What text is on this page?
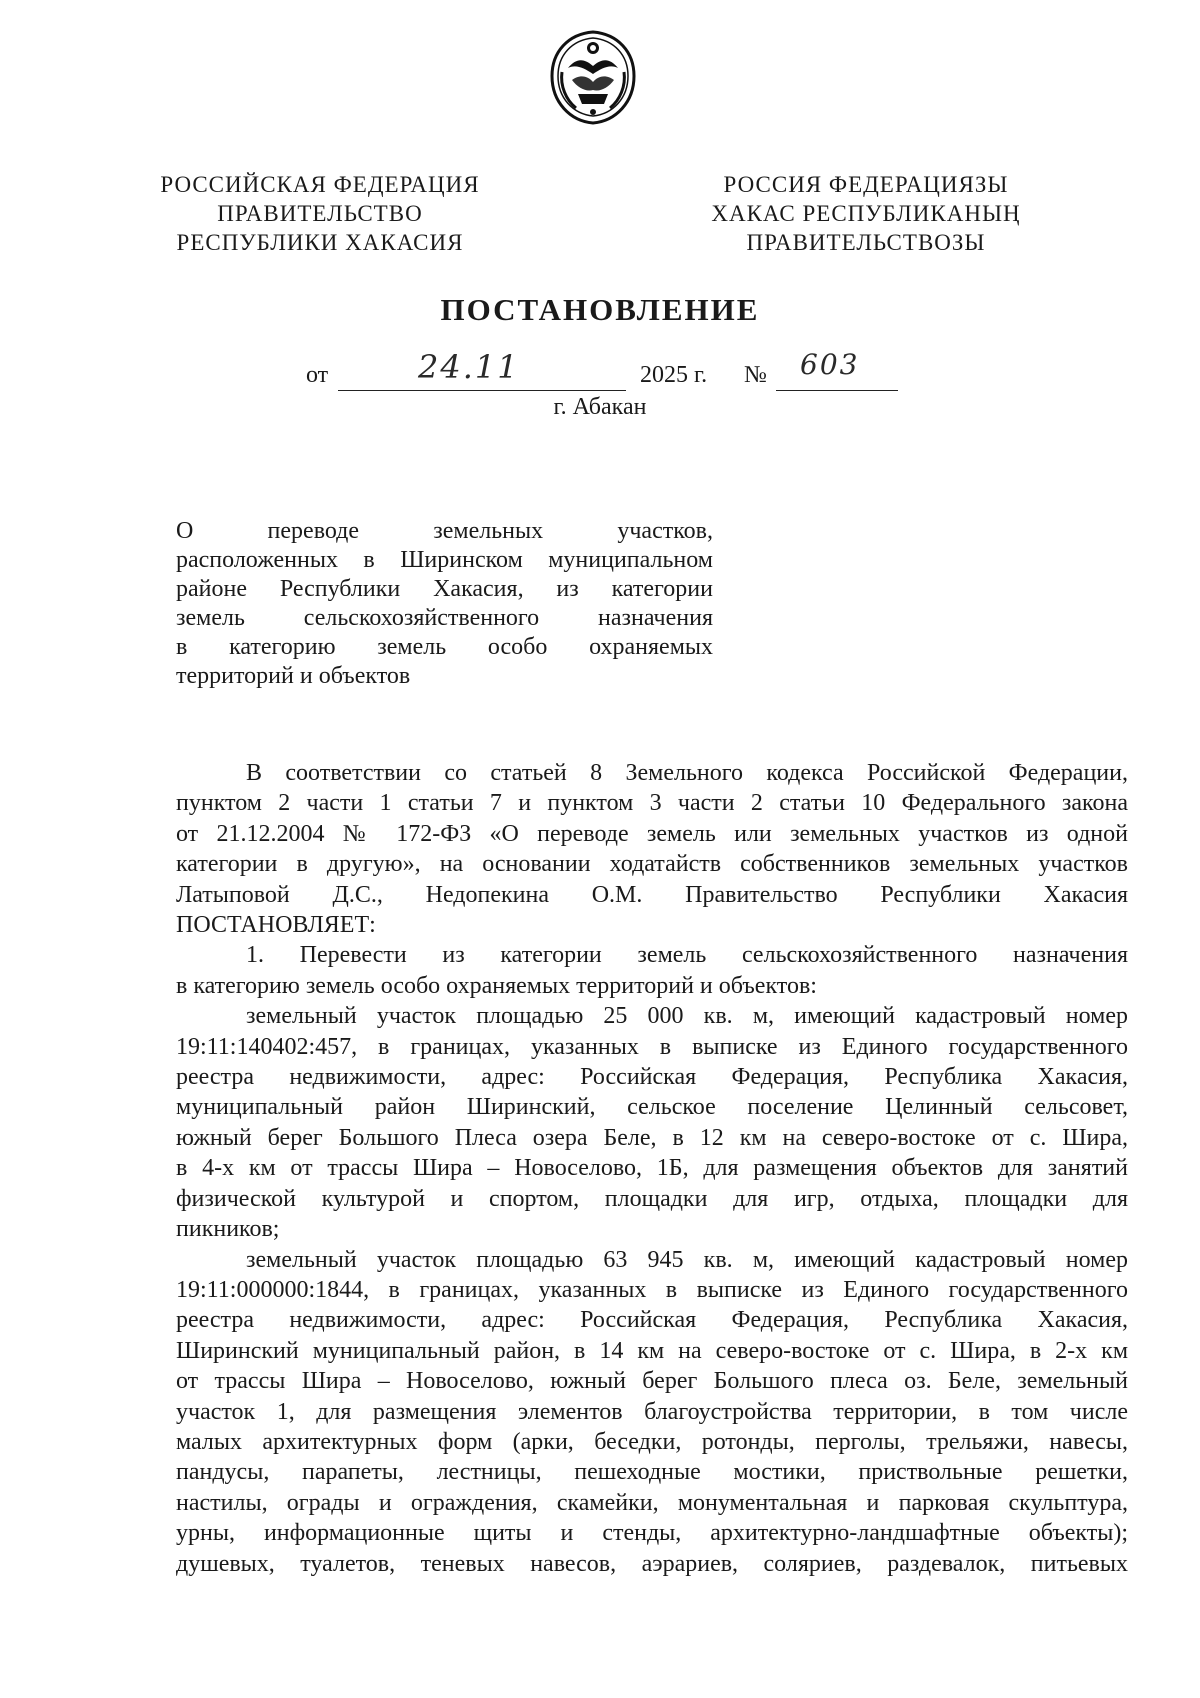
РОССИЙСКАЯ ФЕДЕРАЦИЯ
ПРАВИТЕЛЬСТВО
РЕСПУБЛИКИ ХАКАСИЯ
РОССИЯ ФЕДЕРАЦИЯЗЫ
ХАКАС РЕСПУБЛИКАНЫҢ
ПРАВИТЕЛЬСТВОЗЫ
ПОСТАНОВЛЕНИЕ
от	24.11	2025 г. № 603
г. Абакан
О переводе земельных участков,
расположенных в Ширинском муниципальном
районе Республики Хакасия, из категории
земель сельскохозяйственного назначения
в категорию земель особо охраняемых
территорий и объектов
В соответствии со статьей 8 Земельного кодекса Российской Федерации,
пунктом 2 части 1 статьи 7 и пунктом 3 части 2 статьи 10 Федерального закона
от 21.12.2004 № 172-ФЗ «О переводе земель или земельных участков из одной
категории в другую», на основании ходатайств собственников земельных участков
Латыповой Д.С., Недопекина О.М. Правительство Республики Хакасия
ПОСТАНОВЛЯЕТ:
1. Перевести из категории земель сельскохозяйственного назначения
в категорию земель особо охраняемых территорий и объектов:
земельный участок площадью 25 000 кв. м, имеющий кадастровый номер
19:11:140402:457, в границах, указанных в выписке из Единого государственного
реестра недвижимости, адрес: Российская Федерация, Республика Хакасия,
муниципальный район Ширинский, сельское поселение Целинный сельсовет,
южный берег Большого Плеса озера Беле, в 12 км на северо-востоке от с. Шира,
в 4-х км от трассы Шира – Новоселово, 1Б, для размещения объектов для занятий
физической культурой и спортом, площадки для игр, отдыха, площадки для
пикников;
земельный участок площадью 63 945 кв. м, имеющий кадастровый номер
19:11:000000:1844, в границах, указанных в выписке из Единого государственного
реестра недвижимости, адрес: Российская Федерация, Республика Хакасия,
Ширинский муниципальный район, в 14 км на северо-востоке от с. Шира, в 2-х км
от трассы Шира – Новоселово, южный берег Большого плеса оз. Беле, земельный
участок 1, для размещения элементов благоустройства территории, в том числе
малых архитектурных форм (арки, беседки, ротонды, перголы, трельяжи, навесы,
пандусы, парапеты, лестницы, пешеходные мостики, приствольные решетки,
настилы, ограды и ограждения, скамейки, монументальная и парковая скульптура,
урны, информационные щиты и стенды, архитектурно-ландшафтные объекты);
душевых, туалетов, теневых навесов, аэрариев, соляриев, раздевалок, питьевых
